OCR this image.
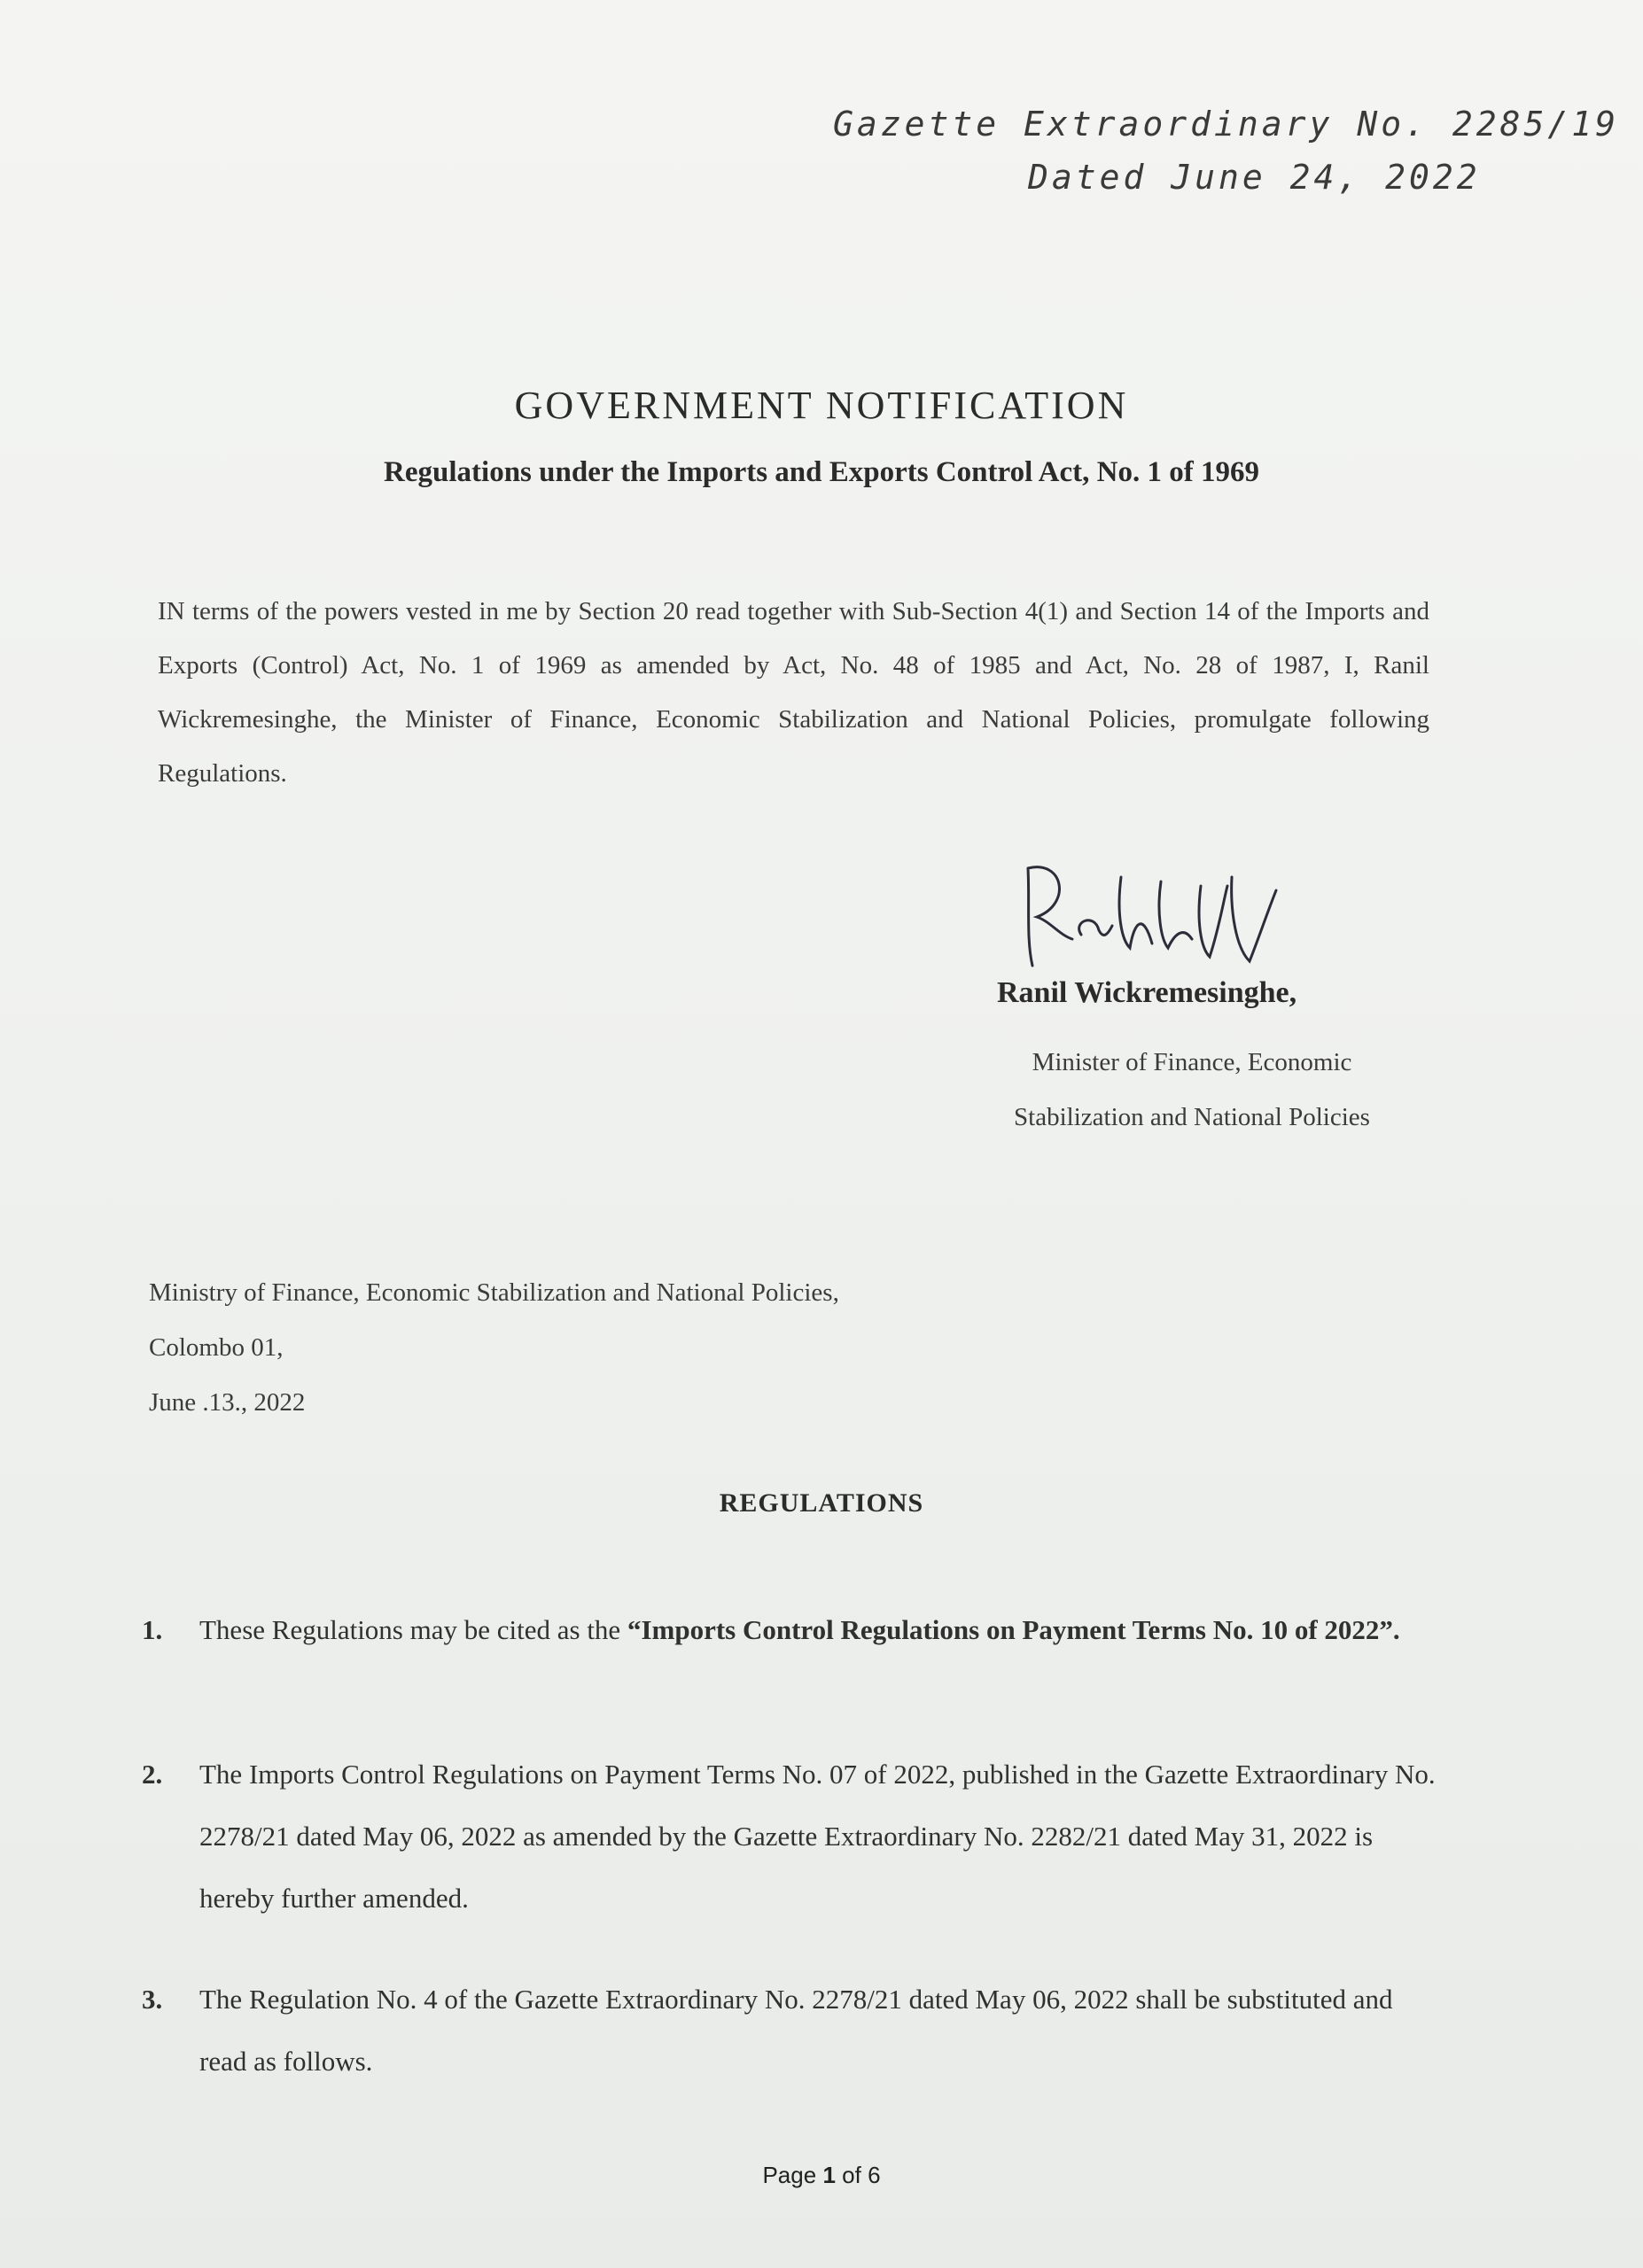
Gazette Extraordinary No. 2285/19
Dated June 24, 2022
GOVERNMENT NOTIFICATION
Regulations under the Imports and Exports Control Act, No. 1 of 1969
IN terms of the powers vested in me by Section 20 read together with Sub-Section 4(1) and Section 14 of the Imports and Exports (Control) Act, No. 1 of 1969 as amended by Act, No. 48 of 1985 and Act, No. 28 of 1987, I, Ranil Wickremesinghe, the Minister of Finance, Economic Stabilization and National Policies, promulgate following Regulations.
Ranil Wickremesinghe,
Minister of Finance, Economic
Stabilization and National Policies
Ministry of Finance, Economic Stabilization and National Policies,
Colombo 01,
June .13., 2022
REGULATIONS
1.	These Regulations may be cited as the “Imports Control Regulations on Payment Terms No. 10 of 2022”.
2.	The Imports Control Regulations on Payment Terms No. 07 of 2022, published in the Gazette Extraordinary No. 2278/21 dated May 06, 2022 as amended by the Gazette Extraordinary No. 2282/21 dated May 31, 2022 is hereby further amended.
3.	The Regulation No. 4 of the Gazette Extraordinary No. 2278/21 dated May 06, 2022 shall be substituted and read as follows.
Page 1 of 6
